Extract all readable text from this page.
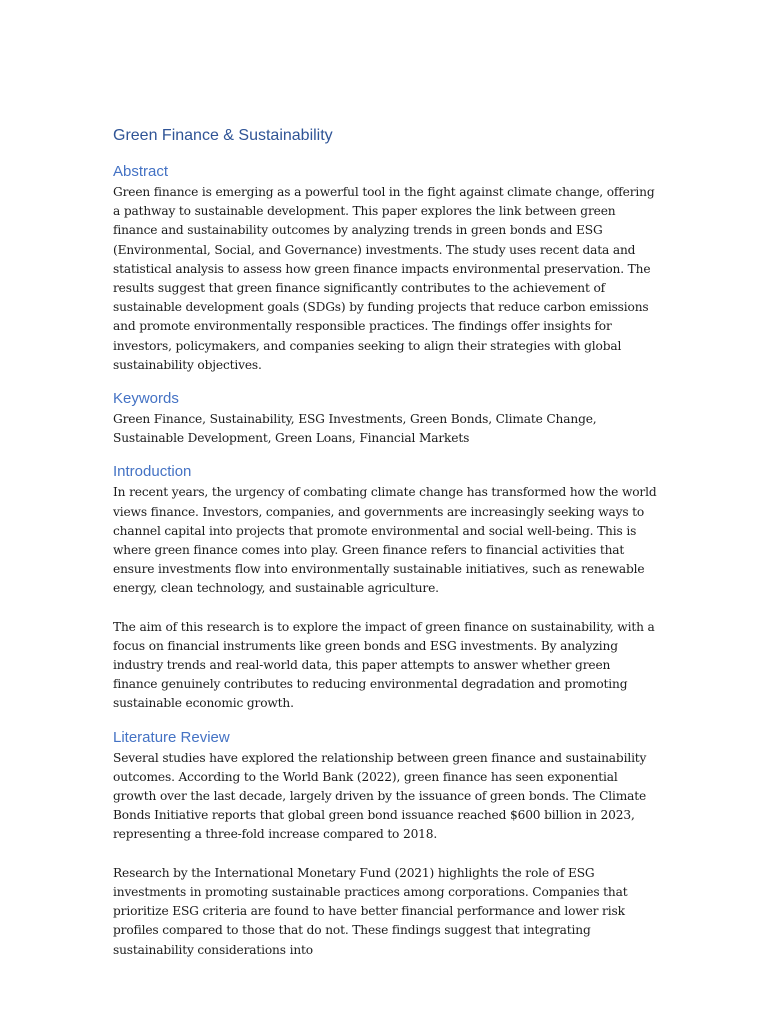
Green Finance & Sustainability
Abstract

Green finance is emerging as a powerful tool in the fight against climate change, offering a pathway to sustainable development. This paper explores the link between green finance and sustainability outcomes by analyzing trends in green bonds and ESG (Environmental, Social, and Governance) investments. The study uses recent data and statistical analysis to assess how green finance impacts environmental preservation. The results suggest that green finance significantly contributes to the achievement of sustainable development goals (SDGs) by funding projects that reduce carbon emissions and promote environmentally responsible practices. The findings offer insights for investors, policymakers, and companies seeking to align their strategies with global sustainability objectives.

Keywords

Green Finance, Sustainability, ESG Investments, Green Bonds, Climate Change, Sustainable Development, Green Loans, Financial Markets

Introduction

In recent years, the urgency of combating climate change has transformed how the world views finance. Investors, companies, and governments are increasingly seeking ways to channel capital into projects that promote environmental and social well-being. This is where green finance comes into play. Green finance refers to financial activities that ensure investments flow into environmentally sustainable initiatives, such as renewable energy, clean technology, and sustainable agriculture.

The aim of this research is to explore the impact of green finance on sustainability, with a focus on financial instruments like green bonds and ESG investments. By analyzing industry trends and real-world data, this paper attempts to answer whether green finance genuinely contributes to reducing environmental degradation and promoting sustainable economic growth.

Literature Review

Several studies have explored the relationship between green finance and sustainability outcomes. According to the World Bank (2022), green finance has seen exponential growth over the last decade, largely driven by the issuance of green bonds. The Climate Bonds Initiative reports that global green bond issuance reached $600 billion in 2023, representing a three-fold increase compared to 2018.

Research by the International Monetary Fund (2021) highlights the role of ESG investments in promoting sustainable practices among corporations. Companies that prioritize ESG criteria are found to have better financial performance and lower risk profiles compared to those that do not. These findings suggest that integrating sustainability considerations into
